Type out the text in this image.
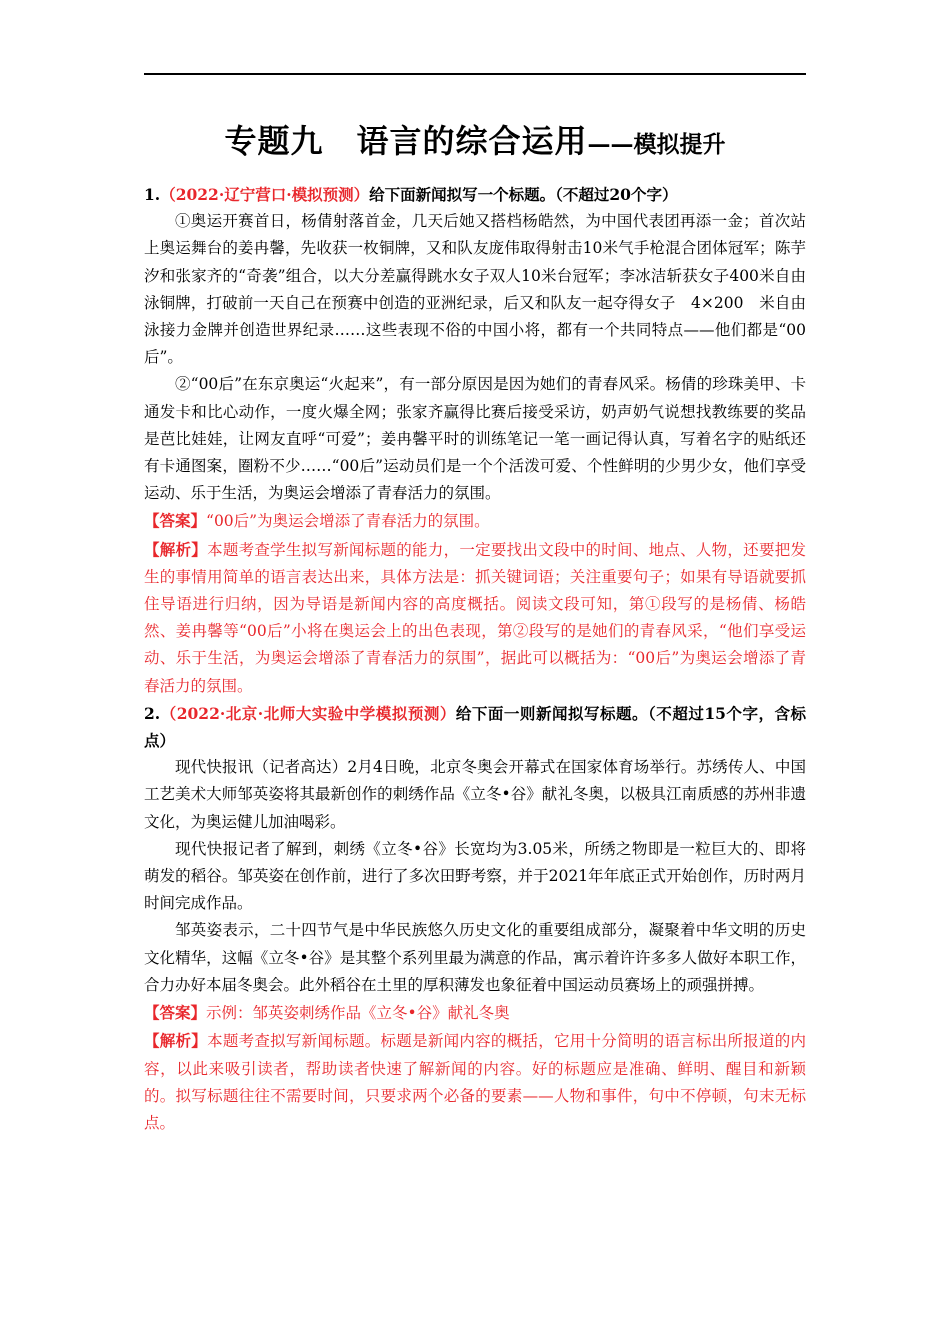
专题九　语言的综合运用——模拟提升

1.（2022·辽宁营口·模拟预测）给下面新闻拟写一个标题。（不超过20个字）

①奥运开赛首日，杨倩射落首金，几天后她又搭档杨皓然，为中国代表团再添一金；首次站上奥运舞台的姜冉馨，先收获一枚铜牌，又和队友庞伟取得射击10米气手枪混合团体冠军；陈芋汐和张家齐的“奇袭”组合，以大分差赢得跳水女子双人10米台冠军；李冰洁斩获女子400米自由泳铜牌，打破前一天自己在预赛中创造的亚洲纪录，后又和队友一起夺得女子　4×200　米自由泳接力金牌并创造世界纪录……这些表现不俗的中国小将，都有一个共同特点——他们都是“00后”。

②“00后”在东京奥运“火起来”，有一部分原因是因为她们的青春风采。杨倩的珍珠美甲、卡通发卡和比心动作，一度火爆全网；张家齐赢得比赛后接受采访，奶声奶气说想找教练要的奖品是芭比娃娃，让网友直呼“可爱”；姜冉馨平时的训练笔记一笔一画记得认真，写着名字的贴纸还有卡通图案，圈粉不少……“00后”运动员们是一个个活泼可爱、个性鲜明的少男少女，他们享受运动、乐于生活，为奥运会增添了青春活力的氛围。

【答案】“00后”为奥运会增添了青春活力的氛围。

【解析】本题考查学生拟写新闻标题的能力，一定要找出文段中的时间、地点、人物，还要把发生的事情用简单的语言表达出来，具体方法是：抓关键词语；关注重要句子；如果有导语就要抓住导语进行归纳，因为导语是新闻内容的高度概括。阅读文段可知，第①段写的是杨倩、杨皓然、姜冉馨等“00后”小将在奥运会上的出色表现，第②段写的是她们的青春风采，“他们享受运动、乐于生活，为奥运会增添了青春活力的氛围”，据此可以概括为：“00后”为奥运会增添了青春活力的氛围。

2.（2022·北京·北师大实验中学模拟预测）给下面一则新闻拟写标题。（不超过15个字，含标点）

现代快报讯（记者高达）2月4日晚，北京冬奥会开幕式在国家体育场举行。苏绣传人、中国工艺美术大师邹英姿将其最新创作的刺绣作品《立冬•谷》献礼冬奥，以极具江南质感的苏州非遗文化，为奥运健儿加油喝彩。

现代快报记者了解到，刺绣《立冬•谷》长宽均为3.05米，所绣之物即是一粒巨大的、即将萌发的稻谷。邹英姿在创作前，进行了多次田野考察，并于2021年年底正式开始创作，历时两月时间完成作品。

邹英姿表示，二十四节气是中华民族悠久历史文化的重要组成部分，凝聚着中华文明的历史文化精华，这幅《立冬•谷》是其整个系列里最为满意的作品，寓示着许许多多人做好本职工作，合力办好本届冬奥会。此外稻谷在土里的厚积薄发也象征着中国运动员赛场上的顽强拼搏。

【答案】示例：邹英姿刺绣作品《立冬•谷》献礼冬奥

【解析】本题考查拟写新闻标题。标题是新闻内容的概括，它用十分简明的语言标出所报道的内容，以此来吸引读者，帮助读者快速了解新闻的内容。好的标题应是准确、鲜明、醒目和新颖的。拟写标题往往不需要时间，只要求两个必备的要素——人物和事件，句中不停顿，句末无标点。
